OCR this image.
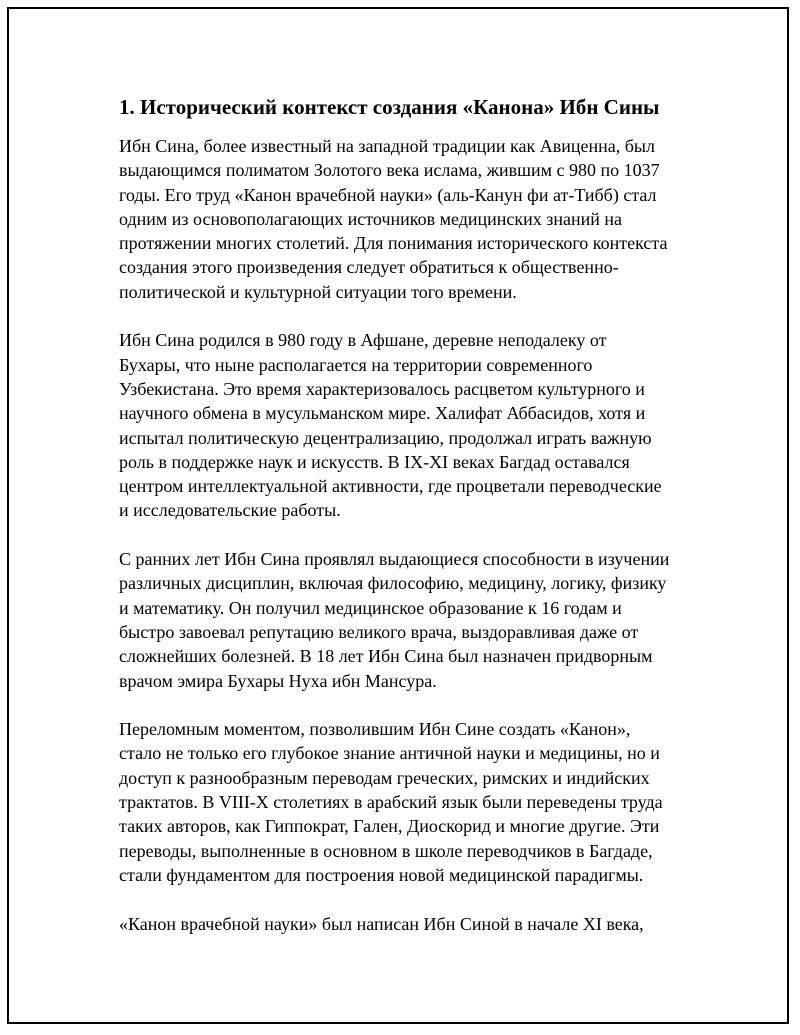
1. Исторический контекст создания «Канона» Ибн Сины
Ибн Сина, более известный на западной традиции как Авиценна, был
выдающимся полиматом Золотого века ислама, жившим с 980 по 1037
годы. Его труд «Канон врачебной науки» (аль-Канун фи ат-Тибб) стал
одним из основополагающих источников медицинских знаний на
протяжении многих столетий. Для понимания исторического контекста
создания этого произведения следует обратиться к общественно-
политической и культурной ситуации того времени.
Ибн Сина родился в 980 году в Афшане, деревне неподалеку от
Бухары, что ныне располагается на территории современного
Узбекистана. Это время характеризовалось расцветом культурного и
научного обмена в мусульманском мире. Халифат Аббасидов, хотя и
испытал политическую децентрализацию, продолжал играть важную
роль в поддержке наук и искусств. В IX-XI веках Багдад оставался
центром интеллектуальной активности, где процветали переводческие
и исследовательские работы.
С ранних лет Ибн Сина проявлял выдающиеся способности в изучении
различных дисциплин, включая философию, медицину, логику, физику
и математику. Он получил медицинское образование к 16 годам и
быстро завоевал репутацию великого врача, выздоравливая даже от
сложнейших болезней. В 18 лет Ибн Сина был назначен придворным
врачом эмира Бухары Нуха ибн Мансура.
Переломным моментом, позволившим Ибн Сине создать «Канон»,
стало не только его глубокое знание античной науки и медицины, но и
доступ к разнообразным переводам греческих, римских и индийских
трактатов. В VIII-X столетиях в арабский язык были переведены труда
таких авторов, как Гиппократ, Гален, Диоскорид и многие другие. Эти
переводы, выполненные в основном в школе переводчиков в Багдаде,
стали фундаментом для построения новой медицинской парадигмы.
«Канон врачебной науки» был написан Ибн Синой в начале XI века,
